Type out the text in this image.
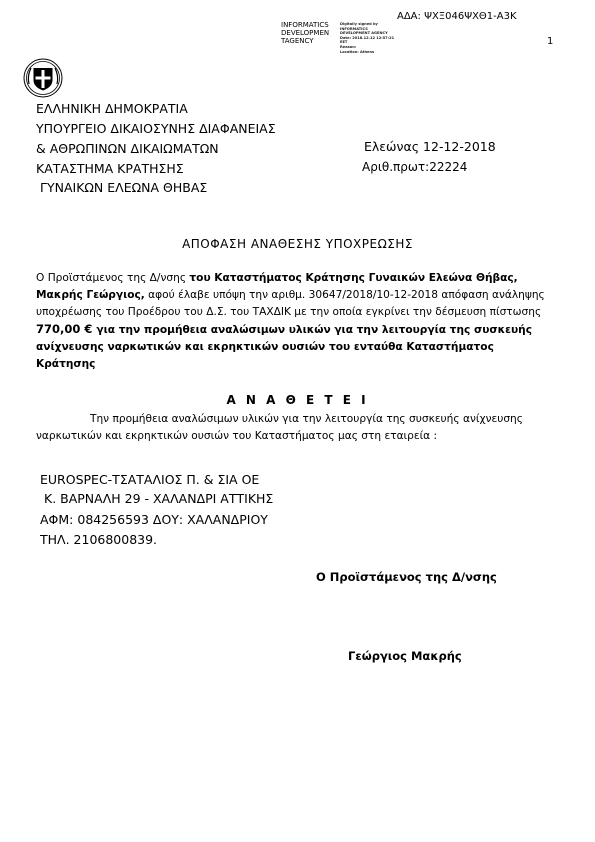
ΑΔΑ: ΨΧΞ046ΨΧΘ1-Α3Κ
INFORMATICS
DEVELOPMEN
TAGENCY
Digitally signed by
INFORMATICS
DEVELOPMENT AGENCY
Date: 2018.12.12 12:57:21
EET
Reason:
Location: Athens
1
ΕΛΛΗΝΙΚΗ ΔΗΜΟΚΡΑΤΙΑ
ΥΠΟΥΡΓΕΙΟ ΔΙΚΑΙΟΣΥΝΗΣ ΔΙΑΦΑΝΕΙΑΣ
& ΑΘΡΩΠΙΝΩΝ ΔΙΚΑΙΩΜΑΤΩΝ
ΚΑΤΑΣΤΗΜΑ ΚΡΑΤΗΣΗΣ
ΓΥΝΑΙΚΩΝ ΕΛΕΩΝΑ ΘΗΒΑΣ
Ελεώνας 12-12-2018
Αριθ.πρωτ:22224
ΑΠΟΦΑΣΗ ΑΝΑΘΕΣΗΣ ΥΠΟΧΡΕΩΣΗΣ

Ο Προϊστάμενος της Δ/νσης του Καταστήματος Κράτησης Γυναικών Ελεώνα Θήβας, Μακρής Γεώργιος, αφού έλαβε υπόψη την αριθμ. 30647/2018/10-12-2018 απόφαση ανάληψης υποχρέωσης του Προέδρου του Δ.Σ. του ΤΑΧΔΙΚ με την οποία εγκρίνει την δέσμευση πίστωσης 770,00 € για την προμήθεια αναλώσιμων υλικών για την λειτουργία της συσκευής ανίχνευσης ναρκωτικών και εκρηκτικών ουσιών του ενταύθα Καταστήματος Κράτησης

Α Ν Α Θ Ε Τ Ε Ι

Την προμήθεια αναλώσιμων υλικών για την λειτουργία της συσκευής ανίχνευσης ναρκωτικών και εκρηκτικών ουσιών του Καταστήματος μας στη εταιρεία :

EUROSPEC-ΤΣΑΤΑΛΙΟΣ Π. & ΣΙΑ ΟΕ
Κ. ΒΑΡΝΑΛΗ 29 - ΧΑΛΑΝΔΡΙ ΑΤΤΙΚΗΣ
ΑΦΜ: 084256593 ΔΟΥ: ΧΑΛΑΝΔΡΙΟΥ
ΤΗΛ. 2106800839.
Ο Προϊστάμενος της Δ/νσης
Γεώργιος Μακρής
